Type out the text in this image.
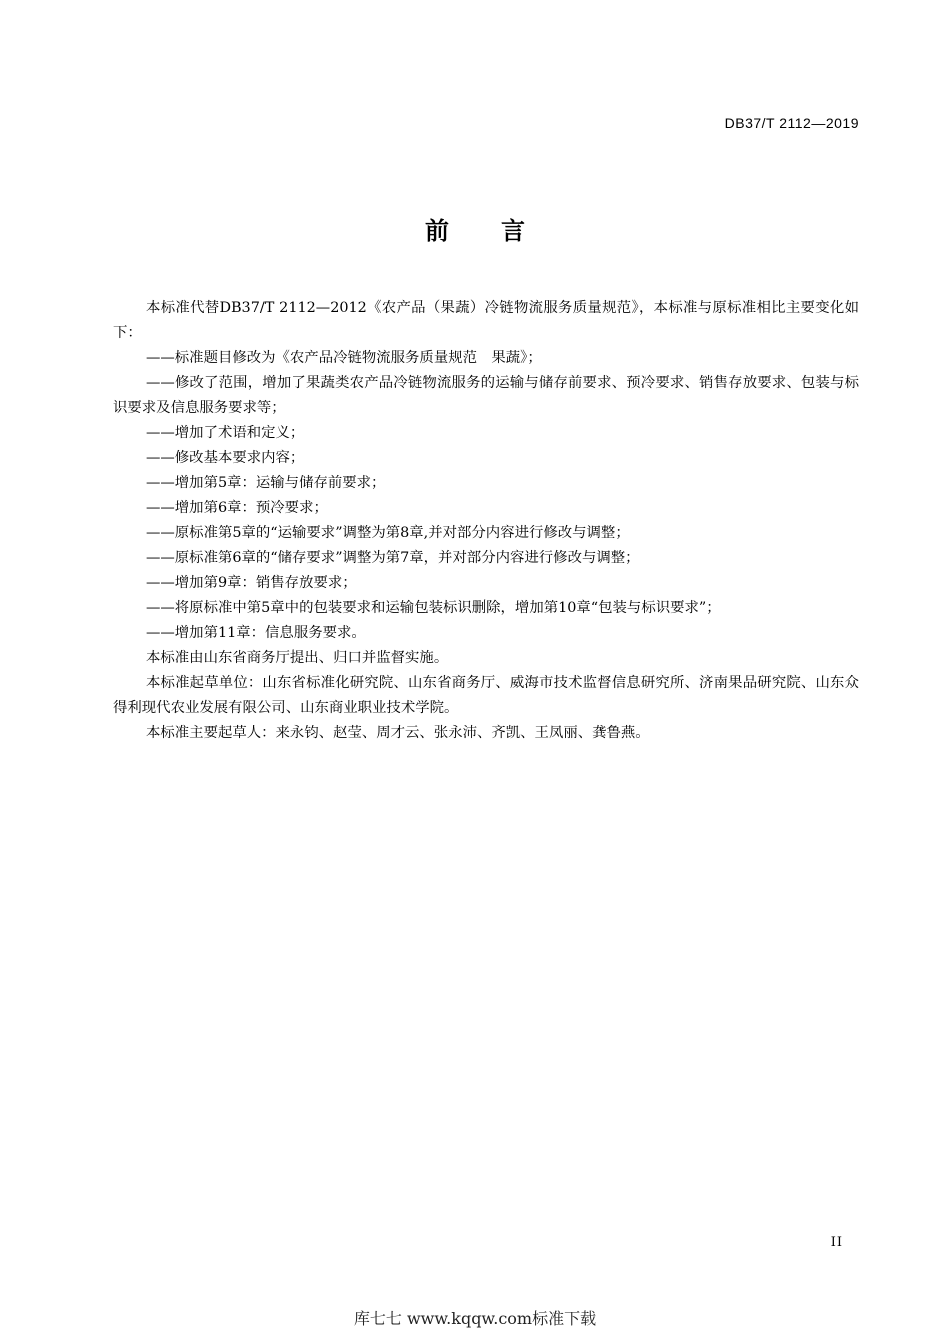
DB37/T 2112—2019
前 言

本标准代替DB37/T 2112—2012《农产品（果蔬）冷链物流服务质量规范》，本标准与原标准相比主要变化如下：

——标准题目修改为《农产品冷链物流服务质量规范　果蔬》；

——修改了范围，增加了果蔬类农产品冷链物流服务的运输与储存前要求、预冷要求、销售存放要求、包装与标识要求及信息服务要求等；

——增加了术语和定义；

——修改基本要求内容；

——增加第5章：运输与储存前要求；

——增加第6章：预冷要求；

——原标准第5章的“运输要求”调整为第8章,并对部分内容进行修改与调整；

——原标准第6章的“储存要求”调整为第7章，并对部分内容进行修改与调整；

——增加第9章：销售存放要求；

——将原标准中第5章中的包装要求和运输包装标识删除，增加第10章“包装与标识要求”；

——增加第11章：信息服务要求。

本标准由山东省商务厅提出、归口并监督实施。

本标准起草单位：山东省标准化研究院、山东省商务厅、威海市技术监督信息研究所、济南果品研究院、山东众得利现代农业发展有限公司、山东商业职业技术学院。

本标准主要起草人：来永钧、赵莹、周才云、张永沛、齐凯、王凤丽、龚鲁燕。

II
库七七 www.kqqw.com标准下载
